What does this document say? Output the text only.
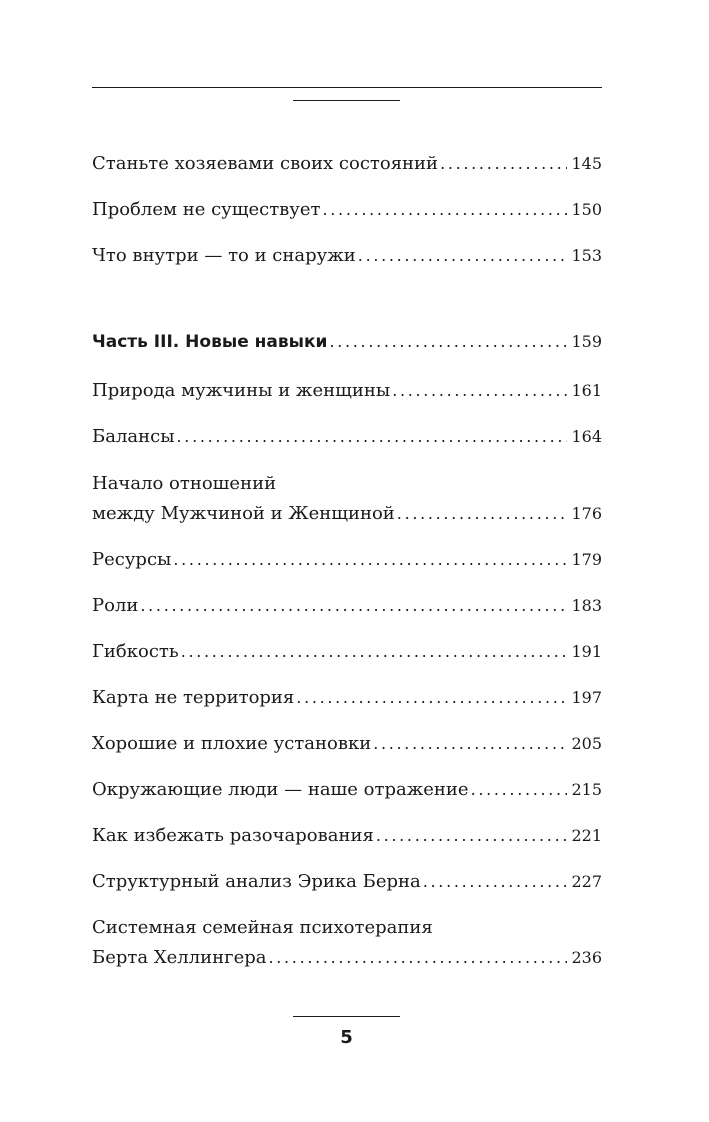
Станьте хозяевами своих состояний . . .	145
Проблем не существует . . .	150
Что внутри — то и снаружи . . .	153
Часть III. Новые навыки . . .	159
Природа мужчины и женщины . . .	161
Балансы . . .	164
Начало отношений
между Мужчиной и Женщиной . . .	176
Ресурсы . . .	179
Роли . . .	183
Гибкость . . .	191
Карта не территория . . .	197
Хорошие и плохие установки . . .	205
Окружающие люди — наше отражение . . .	215
Как избежать разочарования . . .	221
Структурный анализ Эрика Берна . . .	227
Системная семейная психотерапия
Берта Хеллингера . . .	236
5
